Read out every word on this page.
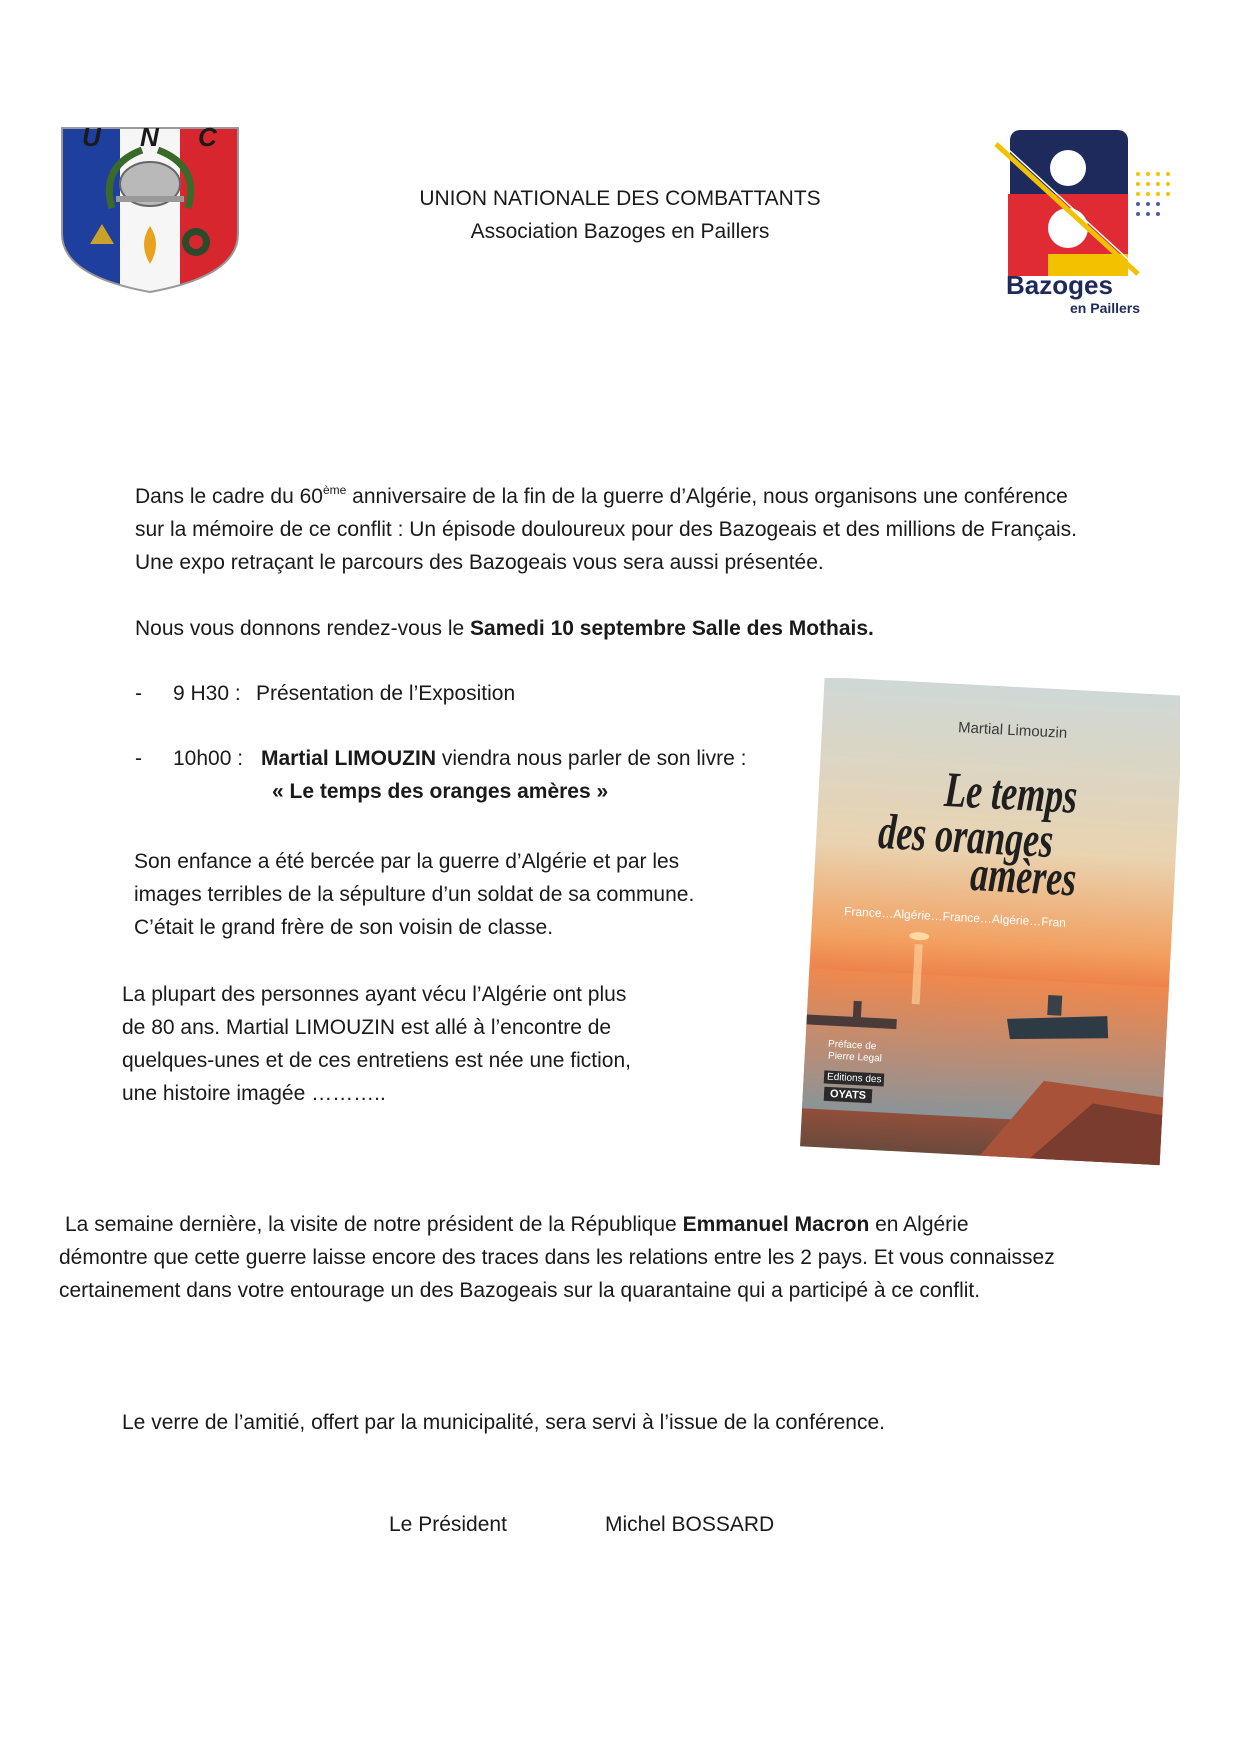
U N C
UNION NATIONALE DES COMBATTANTS
Association Bazoges en Paillers
Bazoges
en Paillers
Dans le cadre du 60ème anniversaire de la fin de la guerre d’Algérie, nous organisons une conférence
sur la mémoire de ce conflit : Un épisode douloureux pour des Bazogeais et des millions de Français.
Une expo retraçant le parcours des Bazogeais vous sera aussi présentée.
Nous vous donnons rendez-vous le Samedi 10 septembre Salle des Mothais.
- 9 H30 : Présentation de l’Exposition
- 10h00 : Martial LIMOUZIN viendra nous parler de son livre :
« Le temps des oranges amères »
Son enfance a été bercée par la guerre d’Algérie et par les
images terribles de la sépulture d’un soldat de sa commune.
C’était le grand frère de son voisin de classe.
La plupart des personnes ayant vécu l’Algérie ont plus
de 80 ans. Martial LIMOUZIN est allé à l’encontre de
quelques-unes et de ces entretiens est née une fiction,
une histoire imagée ………..
Martial Limouzin
Le temps
des oranges
amères
France…Algérie…France…Algérie…Fran
Préface de
Pierre Legal
Editions des
OYATS
La semaine dernière, la visite de notre président de la République Emmanuel Macron en Algérie
démontre que cette guerre laisse encore des traces dans les relations entre les 2 pays. Et vous connaissez
certainement dans votre entourage un des Bazogeais sur la quarantaine qui a participé à ce conflit.
Le verre de l’amitié, offert par la municipalité, sera servi à l’issue de la conférence.
Le Président	Michel BOSSARD
